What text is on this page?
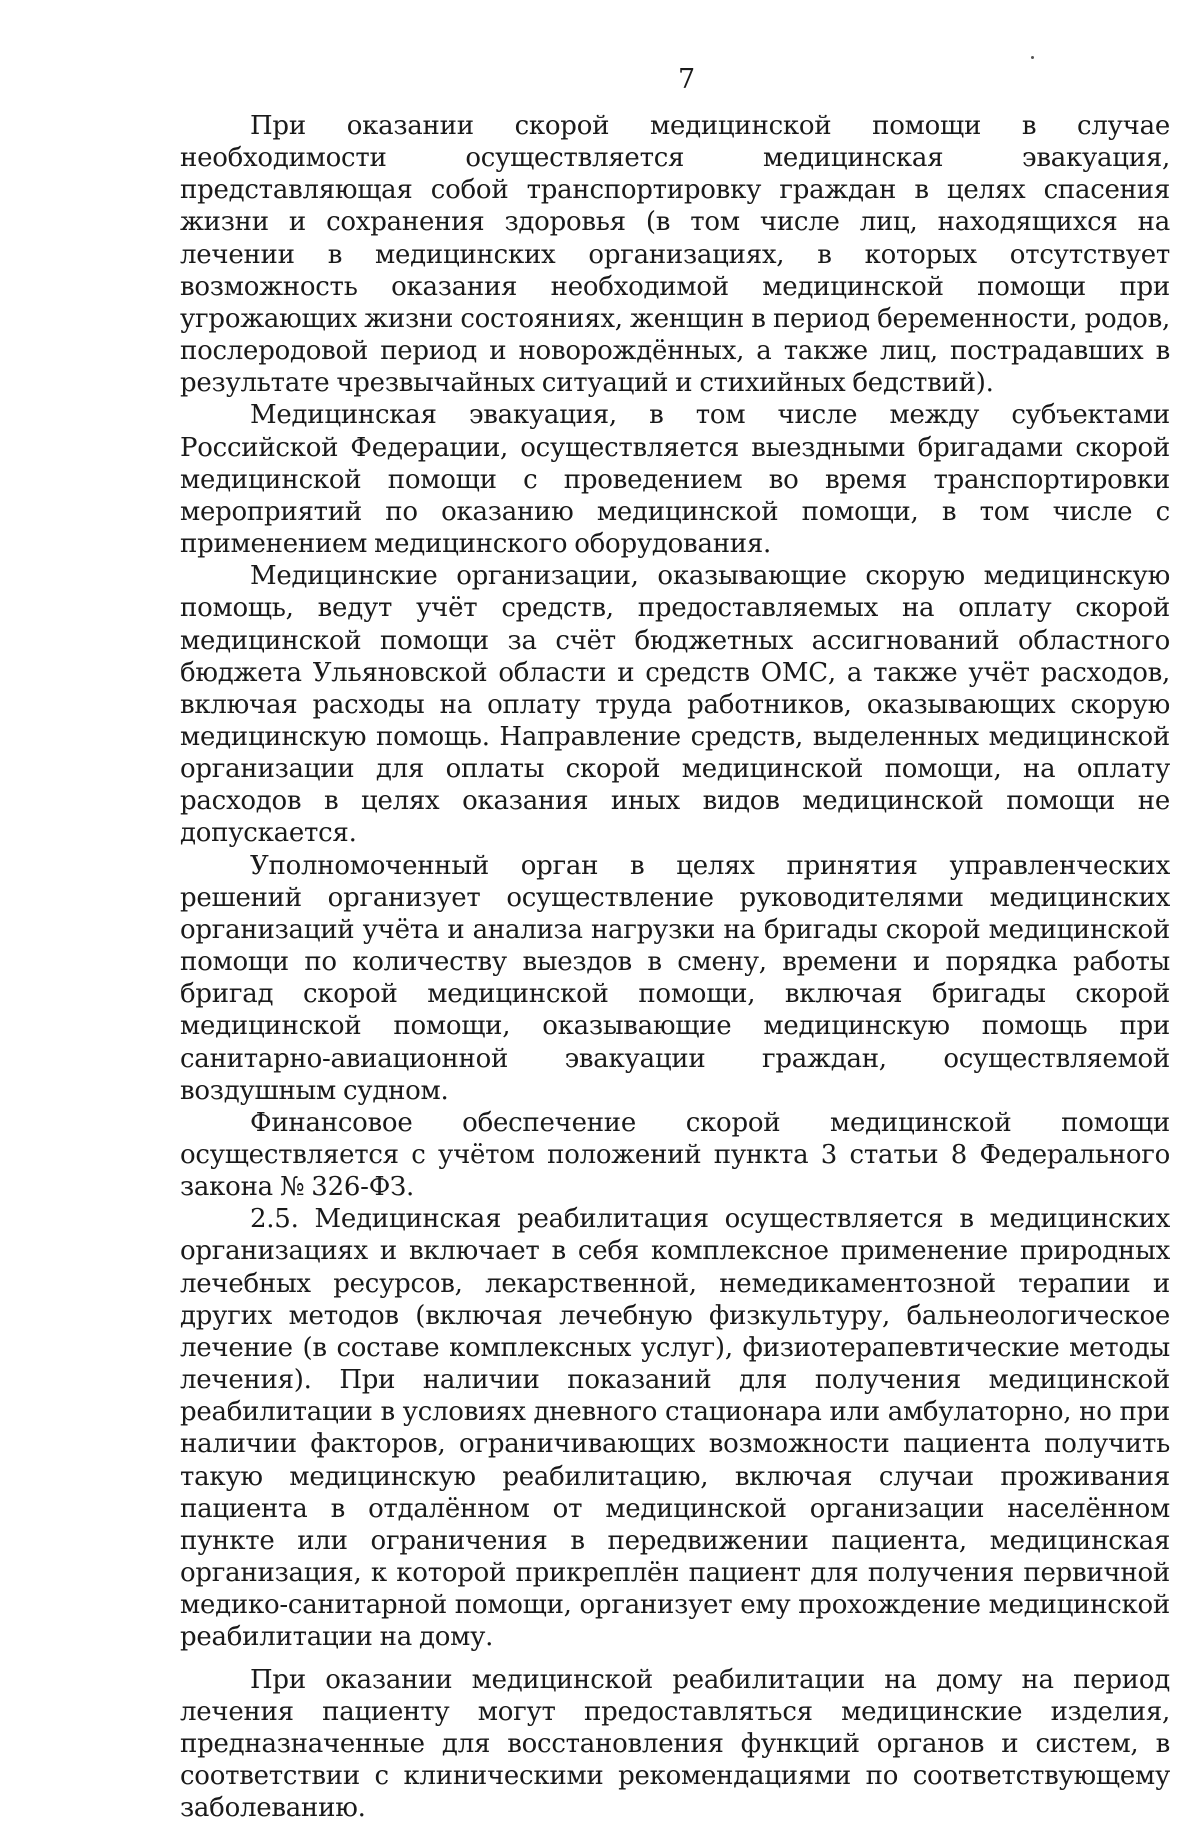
7

При оказании скорой медицинской помощи в случае необходимости осуществляется медицинская эвакуация, представляющая собой транспортировку граждан в целях спасения жизни и сохранения здоровья (в том числе лиц, находящихся на лечении в медицинских организациях, в которых отсутствует возможность оказания необходимой медицинской помощи при угрожающих жизни состояниях, женщин в период беременности, родов, послеродовой период и новорождённых, а также лиц, пострадавших в результате чрезвычайных ситуаций и стихийных бедствий).

Медицинская эвакуация, в том числе между субъектами Российской Федерации, осуществляется выездными бригадами скорой медицинской помощи с проведением во время транспортировки мероприятий по оказанию медицинской помощи, в том числе с применением медицинского оборудования.

Медицинские организации, оказывающие скорую медицинскую помощь, ведут учёт средств, предоставляемых на оплату скорой медицинской помощи за счёт бюджетных ассигнований областного бюджета Ульяновской области и средств ОМС, а также учёт расходов, включая расходы на оплату труда работников, оказывающих скорую медицинскую помощь. Направление средств, выделенных медицинской организации для оплаты скорой медицинской помощи, на оплату расходов в целях оказания иных видов медицинской помощи не допускается.

Уполномоченный орган в целях принятия управленческих решений организует осуществление руководителями медицинских организаций учёта и анализа нагрузки на бригады скорой медицинской помощи по количеству выездов в смену, времени и порядка работы бригад скорой медицинской помощи, включая бригады скорой медицинской помощи, оказывающие медицинскую помощь при санитарно-авиационной эвакуации граждан, осуществляемой воздушным судном.

Финансовое обеспечение скорой медицинской помощи осуществляется с учётом положений пункта 3 статьи 8 Федерального закона № 326-ФЗ.

2.5. Медицинская реабилитация осуществляется в медицинских организациях и включает в себя комплексное применение природных лечебных ресурсов, лекарственной, немедикаментозной терапии и других методов (включая лечебную физкультуру, бальнеологическое лечение (в составе комплексных услуг), физиотерапевтические методы лечения). При наличии показаний для получения медицинской реабилитации в условиях дневного стационара или амбулаторно, но при наличии факторов, ограничивающих возможности пациента получить такую медицинскую реабилитацию, включая случаи проживания пациента в отдалённом от медицинской организации населённом пункте или ограничения в передвижении пациента, медицинская организация, к которой прикреплён пациент для получения первичной медико-санитарной помощи, организует ему прохождение медицинской реабилитации на дому.

При оказании медицинской реабилитации на дому на период лечения пациенту могут предоставляться медицинские изделия, предназначенные для восстановления функций органов и систем, в соответствии с клиническими рекомендациями по соответствующему заболеванию.
